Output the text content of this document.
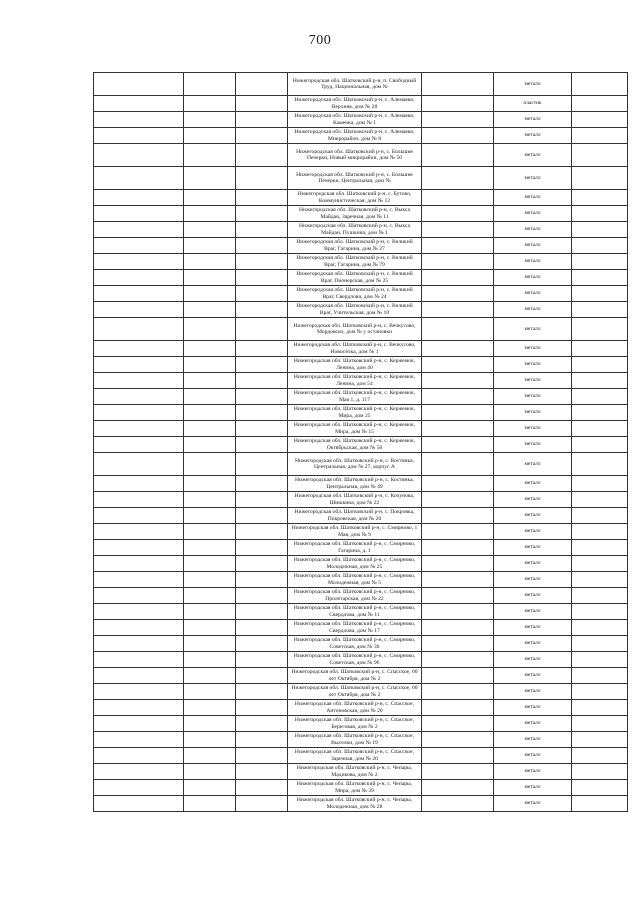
700
			Нижегородская обл. Шатковский р-н, п. Свободный Труд, Национальная, дом №		металл	
			Нижегородская обл. Шатковский р-н, с. Алемаево, Верхняя, дом № 28		пластик	
			Нижегородская обл. Шатковский р-н, с. Алемаево, Каменка, дом № 1		металл	
			Нижегородская обл. Шатковский р-н, с. Алемаево, Микрорайон, дом № 8		металл	
			Нижегородская обл. Шатковский р-н, с. Большие Печерки, Новый микрорайон, дом № 50		металл	
			Нижегородская обл. Шатковский р-н, с. Большие Печерки, Центральная, дом №		металл	
			Нижегородская обл. Шатковский р-н, с. Бутово, Коммунистическая, дом № 12		металл	
			Нижегородская обл. Шатковский р-н, с. Выкса Майдан, Заречная, дом № 11		металл	
			Нижегородская обл. Шатковский р-н, с. Выкса Майдан, Пушкина, дом № 1		металл	
			Нижегородская обл. Шатковский р-н, с. Великий Враг, Гагарина, дом № 27		металл	
			Нижегородская обл. Шатковский р-н, с. Великий Враг, Гагарина, дом № 79		металл	
			Нижегородская обл. Шатковский р-н, с. Великий Враг, Пионерская, дом № 25		металл	
			Нижегородская обл. Шатковский р-н, с. Великий Враг, Свердлова, дом № 24		металл	
			Нижегородская обл. Шатковский р-н, с. Великий Враг, Учительская, дом № 10		металл	
			Нижегородская обл. Шатковский р-н, с. Вечкусово, Мордовско, дом № у остановки		металл	
			Нижегородская обл. Шатковский р-н, с. Вечкусово, Новосёлка, дом № 1		металл	
			Нижегородская обл. Шатковский р-н, с. Кержемок, Ленина, дом 40		металл	
			Нижегородская обл. Шатковский р-н, с. Кержемок, Ленина, дом 54		металл	
			Нижегородская обл. Шатковский р-н, с. Кержемок, Мая 1, д. 117		металл	
			Нижегородская обл. Шатковский р-н, с. Кержемок, Мира, дом 25		металл	
			Нижегородская обл. Шатковский р-н, с. Кержемок, Мира, дом № 15		металл	
			Нижегородская обл. Шатковский р-н, с. Кержемок, Октябрьская, дом № 50		металл	
			Нижегородская обл. Шатковский р-н, с. Костянка, Центральная, дом № 27, корпус А		металл	
			Нижегородская обл. Шатковский р-н, с. Костянка, Центральная, дом № 49		металл	
			Нижегородская обл. Шатковский р-н, с. Кочунова, Шишкина, дом № 22		металл	
			Нижегородская обл. Шатковский р-н, с. Покровка, Покровская, дом № 20		металл	
			Нижегородская обл. Шатковский р-н, с. Смирново, 1 Мая, дом № 9		металл	
			Нижегородская обл. Шатковский р-н, с. Смирново, Гагарина, д. 1		металл	
			Нижегородская обл. Шатковский р-н, с. Смирново, Молодежная, дом № 25		металл	
			Нижегородская обл. Шатковский р-н, с. Смирново, Молодежная, дом № 5		металл	
			Нижегородская обл. Шатковский р-н, с. Смирново, Пролетарская, дом № 22		металл	
			Нижегородская обл. Шатковский р-н, с. Смирново, Свердлова, дом № 11		металл	
			Нижегородская обл. Шатковский р-н, с. Смирново, Свердлова, дом № 17		металл	
			Нижегородская обл. Шатковский р-н, с. Смирново, Советская, дом № 36		металл	
			Нижегородская обл. Шатковский р-н, с. Смирново, Советская, дом № 96		металл	
			Нижегородская обл. Шатковский р-н, с. Спасское, 60 лет Октября, дом № 2		металл	
			Нижегородская обл. Шатковский р-н, с. Спасское, 60 лет Октября, дом № 2		металл	
			Нижегородская обл. Шатковский р-н, с. Спасское, Антоновская, дом № 20		металл	
			Нижегородская обл. Шатковский р-н, с. Спасское, Береговая, дом № 2		металл	
			Нижегородская обл. Шатковский р-н, с. Спасское, Выселки, дом № 19		металл	
			Нижегородская обл. Шатковский р-н, с. Спасское, Заречная, дом № 20		металл	
			Нижегородская обл. Шатковский р-н, с. Чепары, Мадикова, дом № 2		металл	
			Нижегородская обл. Шатковский р-н, с. Чепары, Мира, дом № 39		металл	
			Нижегородская обл. Шатковский р-н, с. Чепары, Молодежная, дом № 28		металл	
